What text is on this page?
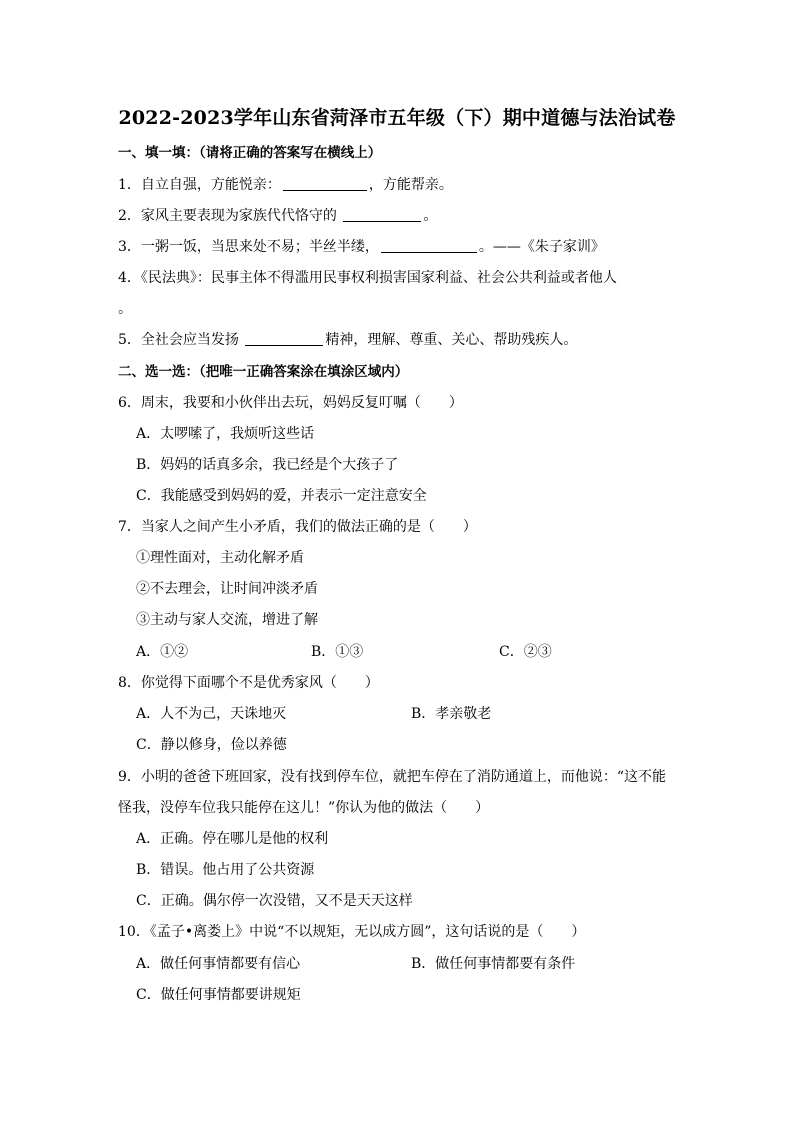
2022-2023学年山东省菏泽市五年级（下）期中道德与法治试卷
一、填一填：（请将正确的答案写在横线上）
1．自立自强，方能悦亲：	，方能帮亲。
2．家风主要表现为家族代代恪守的	。
3．一粥一饭，当思来处不易；半丝半缕，	。——《朱子家训》
4．《民法典》：民事主体不得滥用民事权利损害国家利益、社会公共利益或者他人
。
5．全社会应当发扬	精神，理解、尊重、关心、帮助残疾人。
二、选一选：（把唯一正确答案涂在填涂区域内）
6．周末，我要和小伙伴出去玩，妈妈反复叮嘱（　　）
A．太啰嗦了，我烦听这些话
B．妈妈的话真多余，我已经是个大孩子了
C．我能感受到妈妈的爱，并表示一定注意安全
7．当家人之间产生小矛盾，我们的做法正确的是（　　）
①理性面对，主动化解矛盾
②不去理会，让时间冲淡矛盾
③主动与家人交流，增进了解
A．①②	B．①③	C．②③
8．你觉得下面哪个不是优秀家风（　　）
A．人不为己，天诛地灭	B．孝亲敬老
C．静以修身，俭以养德
9．小明的爸爸下班回家，没有找到停车位，就把车停在了消防通道上，而他说：“这不能
怪我，没停车位我只能停在这儿！”你认为他的做法（　　）
A．正确。停在哪儿是他的权利
B．错误。他占用了公共资源
C．正确。偶尔停一次没错，又不是天天这样
10．《孟子•离娄上》中说“不以规矩，无以成方圆”，这句话说的是（　　）
A．做任何事情都要有信心	B．做任何事情都要有条件
C．做任何事情都要讲规矩
